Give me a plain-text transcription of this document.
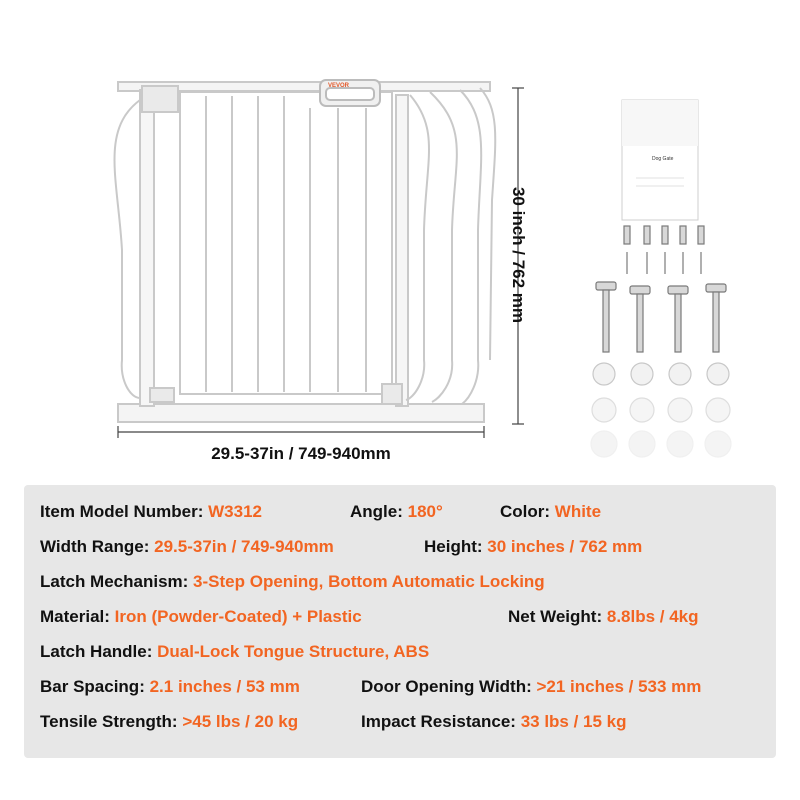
VEVOR
Dog Gate
30 inch / 762 mm
29.5-37in / 749-940mm
Item Model Number: W3312	Angle: 180°	Color: White
Width Range: 29.5-37in / 749-940mm	Height: 30 inches / 762 mm
Latch Mechanism: 3-Step Opening, Bottom Automatic Locking
Material: Iron (Powder-Coated) + Plastic	Net Weight: 8.8lbs / 4kg
Latch Handle: Dual-Lock Tongue Structure, ABS
Bar Spacing: 2.1 inches / 53 mm	Door Opening Width: >21 inches / 533 mm
Tensile Strength: >45 lbs / 20 kg	Impact Resistance: 33 lbs / 15 kg
